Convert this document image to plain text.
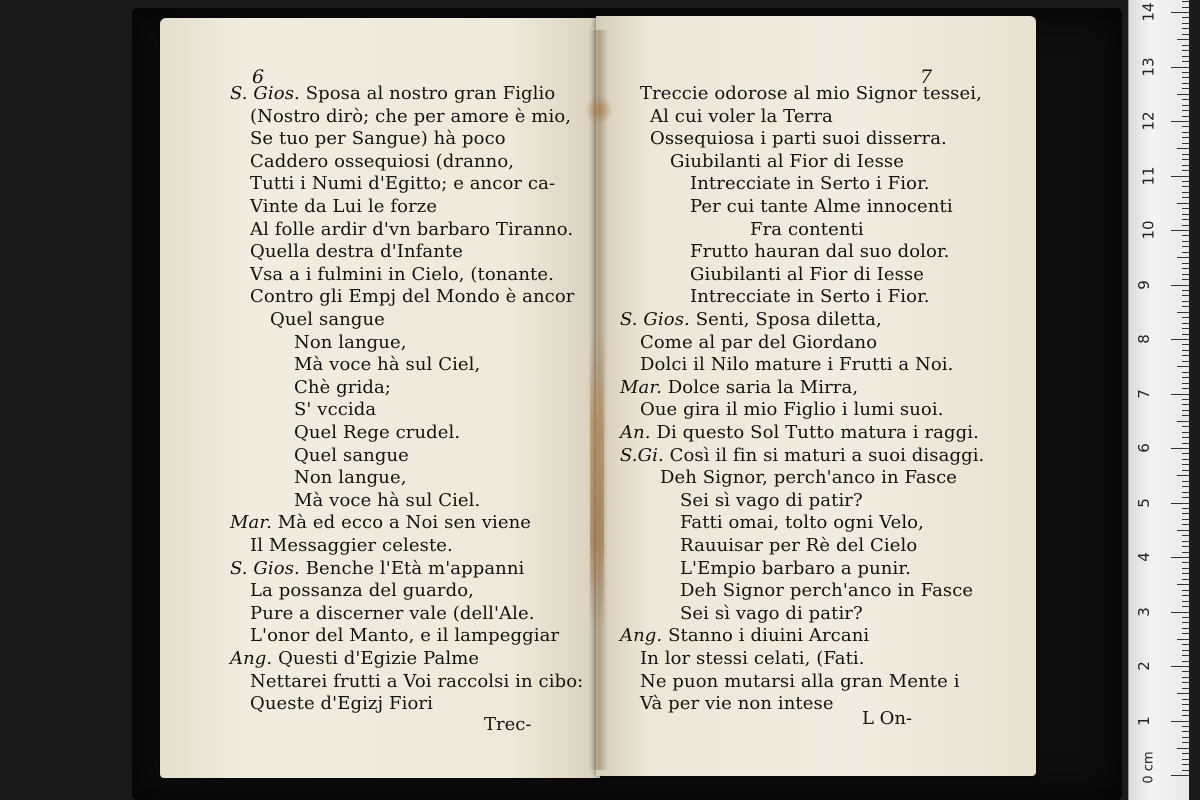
6	7
S. Gios. Sposa al nostro gran Figlio
(Nostro dirò; che per amore è mio,
Se tuo per Sangue) hà poco
Caddero ossequiosi (dranno,
Tutti i Numi d'Egitto; e ancor ca-
Vinte da Lui le forze
Al folle ardir d'vn barbaro Tiranno.
Quella destra d'Infante
Vsa a i fulmini in Cielo, (tonante.
Contro gli Empj del Mondo è ancor
Quel sangue
Non langue,
Mà voce hà sul Ciel,
Chè grida;
S' vccida
Quel Rege crudel.
Quel sangue
Non langue,
Mà voce hà sul Ciel.
Mar. Mà ed ecco a Noi sen viene
Il Messaggier celeste.
S. Gios. Benche l'Età m'appanni
La possanza del guardo,
Pure a discerner vale (dell'Ale.
L'onor del Manto, e il lampeggiar
Ang. Questi d'Egizie Palme
Nettarei frutti a Voi raccolsi in cibo:
Queste d'Egizj Fiori
Treccie odorose al mio Signor tessei,
Al cui voler la Terra
Ossequiosa i parti suoi disserra.
Giubilanti al Fior di Iesse
Intrecciate in Serto i Fior.
Per cui tante Alme innocenti
Fra contenti
Frutto hauran dal suo dolor.
Giubilanti al Fior di Iesse
Intrecciate in Serto i Fior.
S. Gios. Senti, Sposa diletta,
Come al par del Giordano
Dolci il Nilo mature i Frutti a Noi.
Mar. Dolce saria la Mirra,
Oue gira il mio Figlio i lumi suoi.
An. Di questo Sol Tutto matura i raggi.
S.Gi. Così il fin si maturi a suoi disaggi.
Deh Signor, perch'anco in Fasce
Sei sì vago di patir?
Fatti omai, tolto ogni Velo,
Rauuisar per Rè del Cielo
L'Empio barbaro a punir.
Deh Signor perch'anco in Fasce
Sei sì vago di patir?
Ang. Stanno i diuini Arcani
In lor stessi celati, (Fati.
Ne puon mutarsi alla gran Mente i
Và per vie non intese
Trec-	L On-	1
2
3
4
5
6
7
8
9
10
11
12
13
14
0 cm
